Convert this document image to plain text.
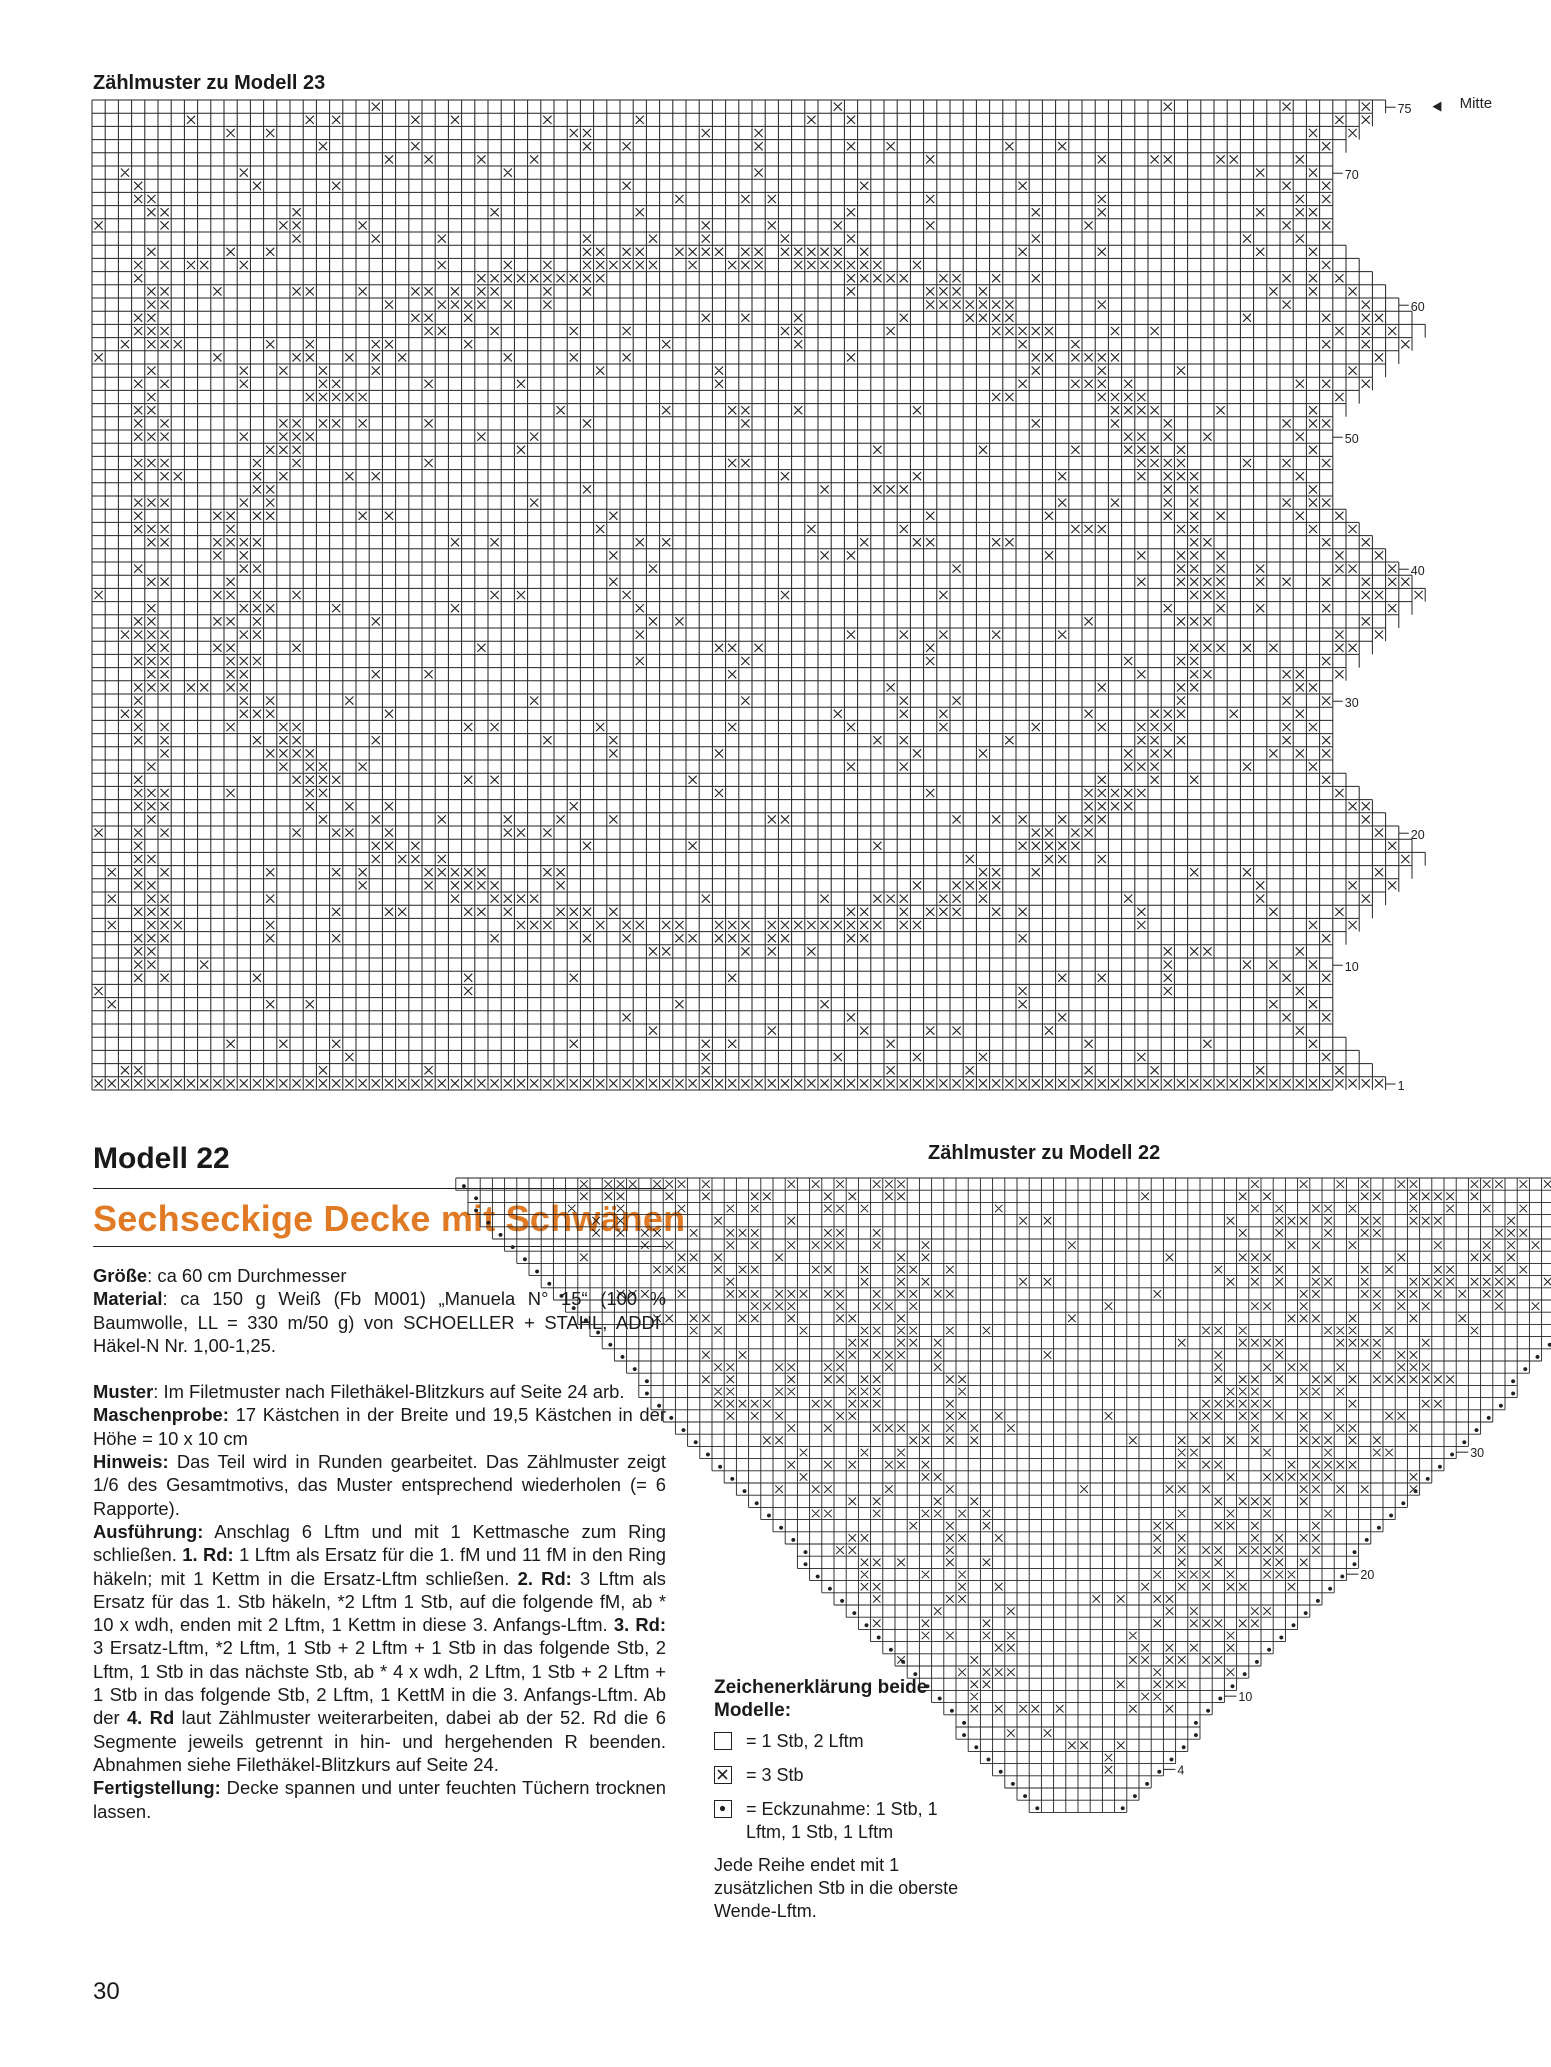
Zählmuster zu Modell 23
75
70
60
50
40
30
20
10
1
Mitte
Modell 22
Sechseckige Decke mit Schwänen

Größe: ca 60 cm Durchmesser

Material: ca 150 g Weiß (Fb M001) „Manuela N° 15“ (100 % Baumwolle, LL = 330 m/50 g) von SCHOELLER + STAHL, ADDI-Häkel-N Nr. 1,00-1,25.

Muster: Im Filetmuster nach Filethäkel-Blitzkurs auf Seite 24 arb.

Maschenprobe: 17 Kästchen in der Breite und 19,5 Kästchen in der Höhe = 10 x 10 cm

Hinweis: Das Teil wird in Runden gearbeitet. Das Zählmuster zeigt 1/6 des Gesamtmotivs, das Muster entsprechend wiederholen (= 6 Rapporte).

Ausführung: Anschlag 6 Lftm und mit 1 Kettmasche zum Ring schließen. 1. Rd: 1 Lftm als Ersatz für die 1. fM und 11 fM in den Ring häkeln; mit 1 Kettm in die Ersatz-Lftm schließen. 2. Rd: 3 Lftm als Ersatz für das 1. Stb häkeln, *2 Lftm 1 Stb, auf die folgende fM, ab * 10 x wdh, enden mit 2 Lftm, 1 Kettm in diese 3. Anfangs-Lftm. 3. Rd: 3 Ersatz-Lftm, *2 Lftm, 1 Stb + 2 Lftm + 1 Stb in das folgende Stb, 2 Lftm, 1 Stb in das nächste Stb, ab * 4 x wdh, 2 Lftm, 1 Stb + 2 Lftm + 1 Stb in das folgende Stb, 2 Lftm, 1 KettM in die 3. Anfangs-Lftm. Ab der 4. Rd laut Zählmuster weiterarbeiten, dabei ab der 52. Rd die 6 Segmente jeweils getrennt in hin- und hergehenden R beenden. Abnahmen siehe Filethäkel-Blitzkurs auf Seite 24.

Fertigstellung: Decke spannen und unter feuchten Tüchern trocknen lassen.

Zählmuster zu Modell 22
30
20
10
4
Zeichenerklärung beide Modelle:
= 1 Stb, 2 Lftm
= 3 Stb
= Eckzunahme: 1 Stb, 1 Lftm, 1 Stb, 1 Lftm
Jede Reihe endet mit 1 zusätzlichen Stb in die oberste Wende-Lftm.
30
